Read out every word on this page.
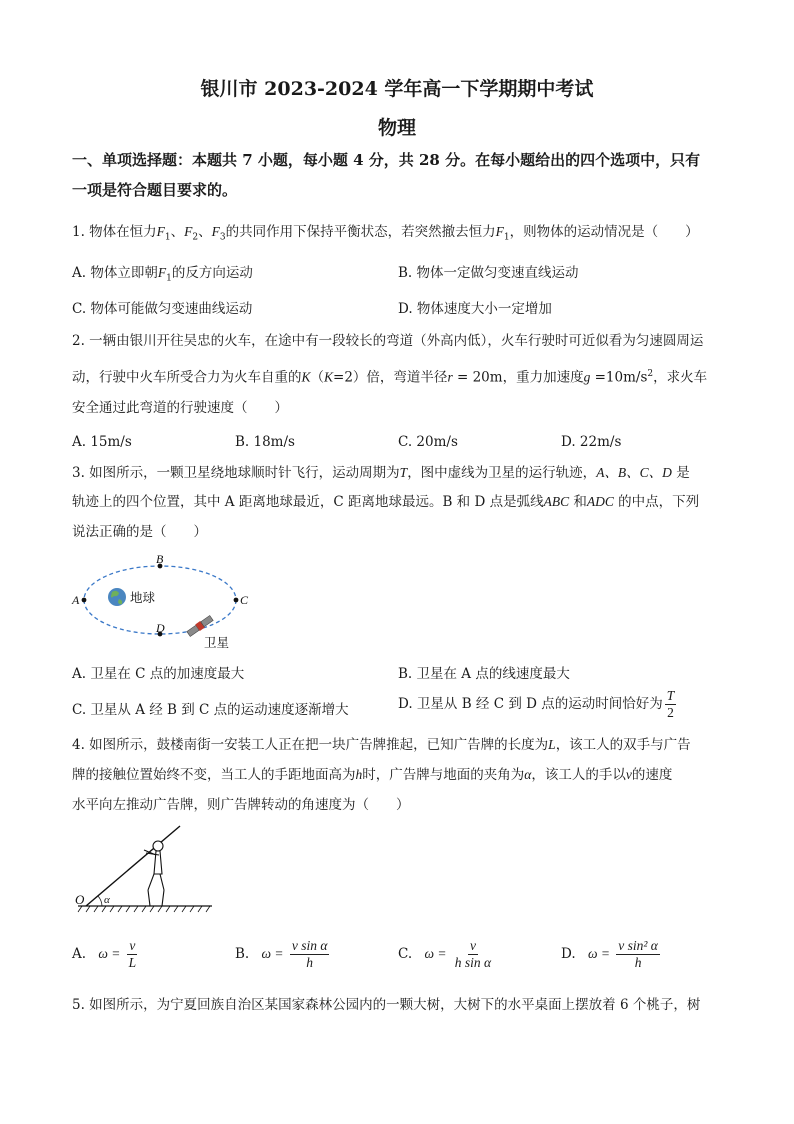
银川市 2023-2024 学年高一下学期期中考试
物理
一、单项选择题：本题共 7 小题，每小题 4 分，共 28 分。在每小题给出的四个选项中，只有
一项是符合题目要求的。
1. 物体在恒力$F_1$、$F_2$、$F_3$的共同作用下保持平衡状态，若突然撤去恒力$F_1$，则物体的运动情况是（　　）
A. 物体立即朝$F_1$的反方向运动	B. 物体一定做匀变速直线运动
C. 物体可能做匀变速曲线运动	D. 物体速度大小一定增加
2. 一辆由银川开往吴忠的火车，在途中有一段较长的弯道（外高内低），火车行驶时可近似看为匀速圆周运
动，行驶中火车所受合力为火车自重的K（K=2）倍，弯道半径r = 20m，重力加速度$g =10m/s^2$，求火车
安全通过此弯道的行驶速度（　　）
A. 15m/s	B. 18m/s	C. 20m/s	D. 22m/s
3. 如图所示，一颗卫星绕地球顺时针飞行，运动周期为T，图中虚线为卫星的运行轨迹，A、B、C、D 是
轨迹上的四个位置，其中 A 距离地球最近，C 距离地球最远。B 和 D 点是弧线ABC 和ADC 的中点，下列
说法正确的是（　　）
B
A	C
D
地球
卫星
A. 卫星在 C 点的加速度最大	B. 卫星在 A 点的线速度最大
C. 卫星从 A 经 B 到 C 点的运动速度逐渐增大	D. 卫星从 B 经 C 到 D 点的运动时间恰好为 $\frac{T}{2}$
4. 如图所示，鼓楼南街一安装工人正在把一块广告牌推起，已知广告牌的长度为L，该工人的双手与广告
牌的接触位置始终不变，当工人的手距地面高为h时，广告牌与地面的夹角为α，该工人的手以v的速度
水平向左推动广告牌，则广告牌转动的角速度为（　　）
O α
A. $\omega = \frac{v}{L}$	B. $\omega = \frac{\text{v sin α}}{h}$	C. $\omega = \frac{v}{\text{h sin α}}$	D. $\omega = \frac{\text{v sin² α}}{h}$
5. 如图所示，为宁夏回族自治区某国家森林公园内的一颗大树，大树下的水平桌面上摆放着 6 个桃子，树
